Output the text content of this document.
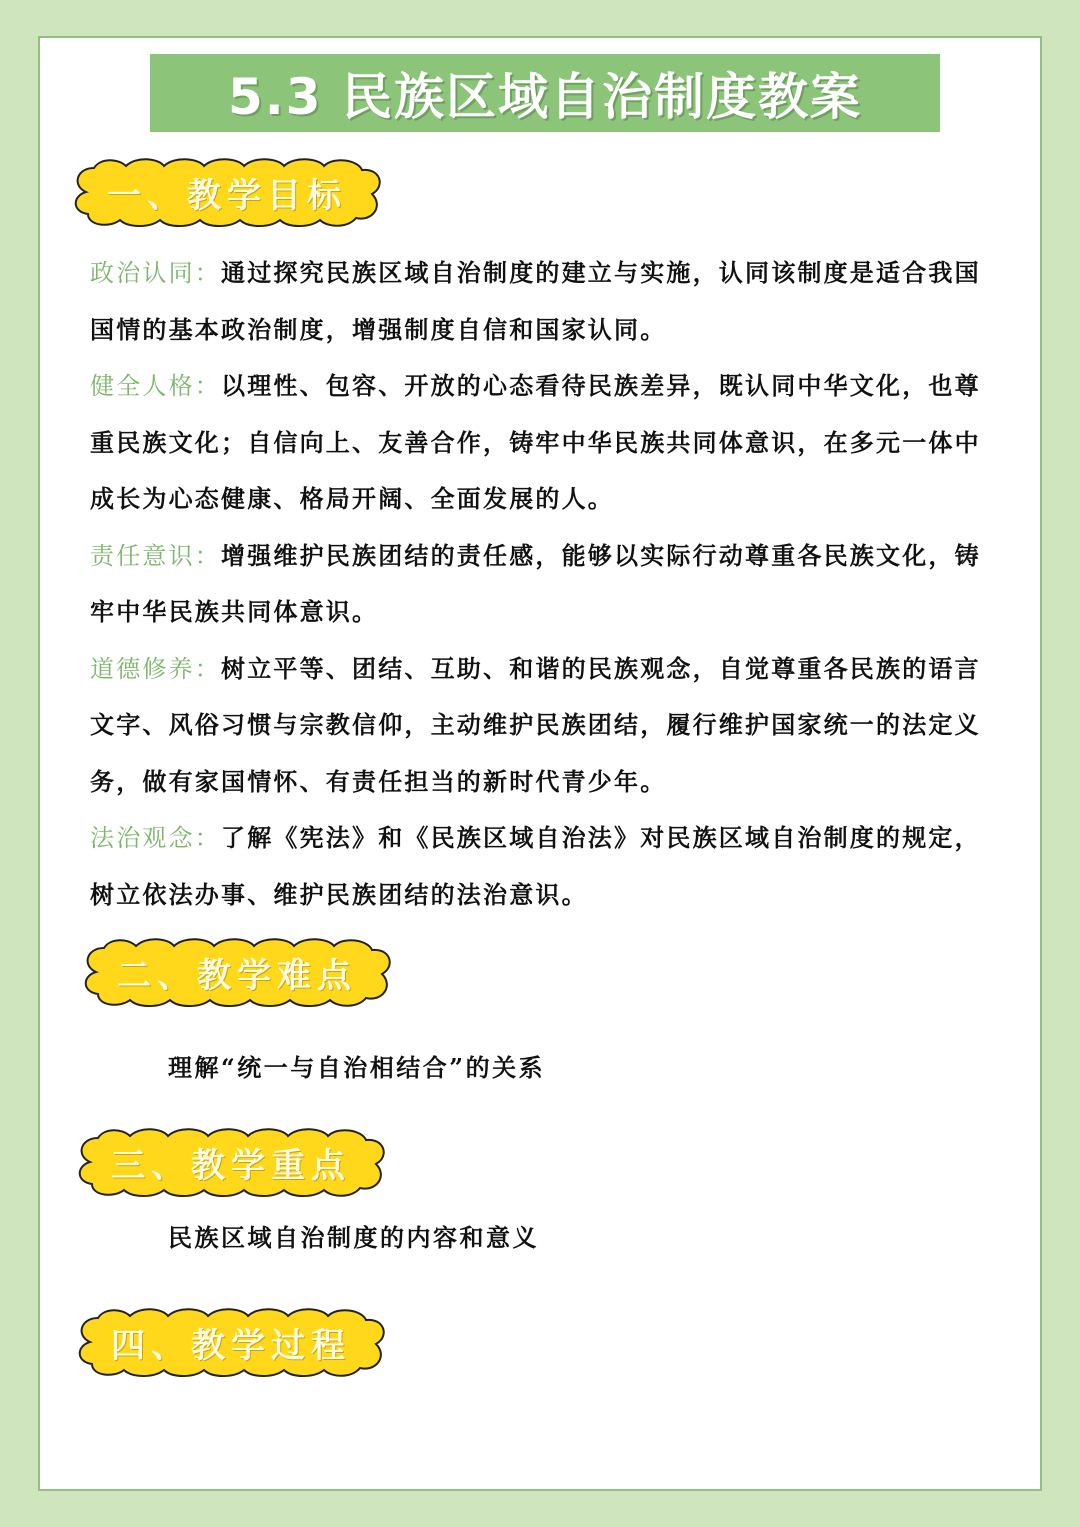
5.3 民族区域自治制度教案
一、教学目标

政治认同：通过探究民族区域自治制度的建立与实施，认同该制度是适合我国国情的基本政治制度，增强制度自信和国家认同。

健全人格：以理性、包容、开放的心态看待民族差异，既认同中华文化，也尊重民族文化；自信向上、友善合作，铸牢中华民族共同体意识，在多元一体中成长为心态健康、格局开阔、全面发展的人。

责任意识：增强维护民族团结的责任感，能够以实际行动尊重各民族文化，铸牢中华民族共同体意识。

道德修养：树立平等、团结、互助、和谐的民族观念，自觉尊重各民族的语言文字、风俗习惯与宗教信仰，主动维护民族团结，履行维护国家统一的法定义务，做有家国情怀、有责任担当的新时代青少年。

法治观念：了解《宪法》和《民族区域自治法》对民族区域自治制度的规定，树立依法办事、维护民族团结的法治意识。

二、教学难点
理解“统一与自治相结合”的关系
三、教学重点
民族区域自治制度的内容和意义
四、教学过程
